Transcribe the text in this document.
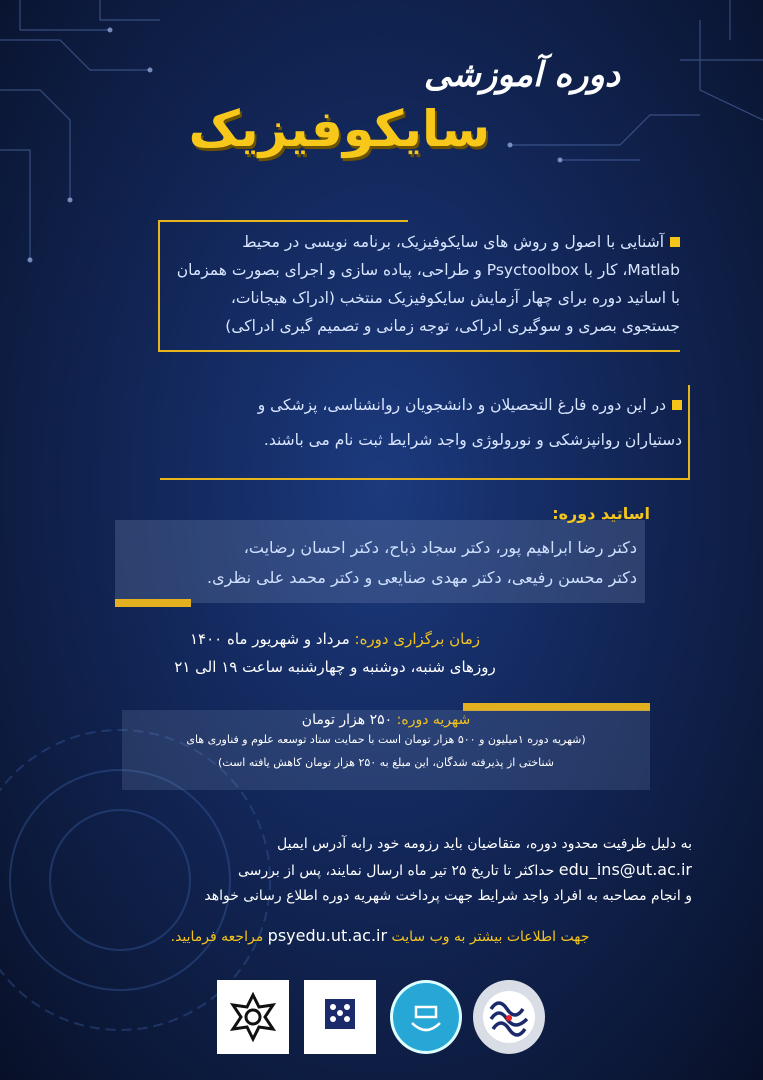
دوره آموزشی
سایکوفیزیک
آشنایی با اصول و روش های سایکوفیزیک، برنامه نویسی در محیط
Matlab، کار با Psyctoolbox و طراحی، پیاده سازی و اجرای بصورت همزمان
با اساتید دوره برای چهار آزمایش سایکوفیزیک منتخب (ادراک هیجانات،
جستجوی بصری و سوگیری ادراکی، توجه زمانی و تصمیم گیری ادراکی)
در این دوره فارغ التحصیلان و دانشجویان روانشناسی، پزشکی و
دستیاران روانپزشکی و نورولوژی واجد شرایط ثبت نام می باشند.
اساتید دوره:
دکتر رضا ابراهیم پور، دکتر سجاد ذباح، دکتر احسان رضایت،
دکتر محسن رفیعی، دکتر مهدی صنایعی و دکتر محمد علی نظری.
زمان برگزاری دوره: مرداد و شهریور ماه ۱۴۰۰
روزهای شنبه، دوشنبه و چهارشنبه ساعت ۱۹ الی ۲۱
شهریه دوره: ۲۵۰ هزار تومان
(شهریه دوره ۱میلیون و ۵۰۰ هزار تومان است با حمایت ستاد توسعه علوم و فناوری های
شناختی از پذیرفته شدگان، این مبلغ به ۲۵۰ هزار تومان کاهش یافته است)
به دلیل ظرفیت محدود دوره، متقاضیان باید رزومه خود رابه آدرس ایمیل
edu_ins@ut.ac.ir حداکثر تا تاریخ ۲۵ تیر ماه ارسال نمایند، پس از بررسی
و انجام مصاحبه به افراد واجد شرایط جهت پرداخت شهریه دوره اطلاع رسانی خواهد
جهت اطلاعات بیشتر به وب سایت psyedu.ut.ac.ir مراجعه فرمایید.
